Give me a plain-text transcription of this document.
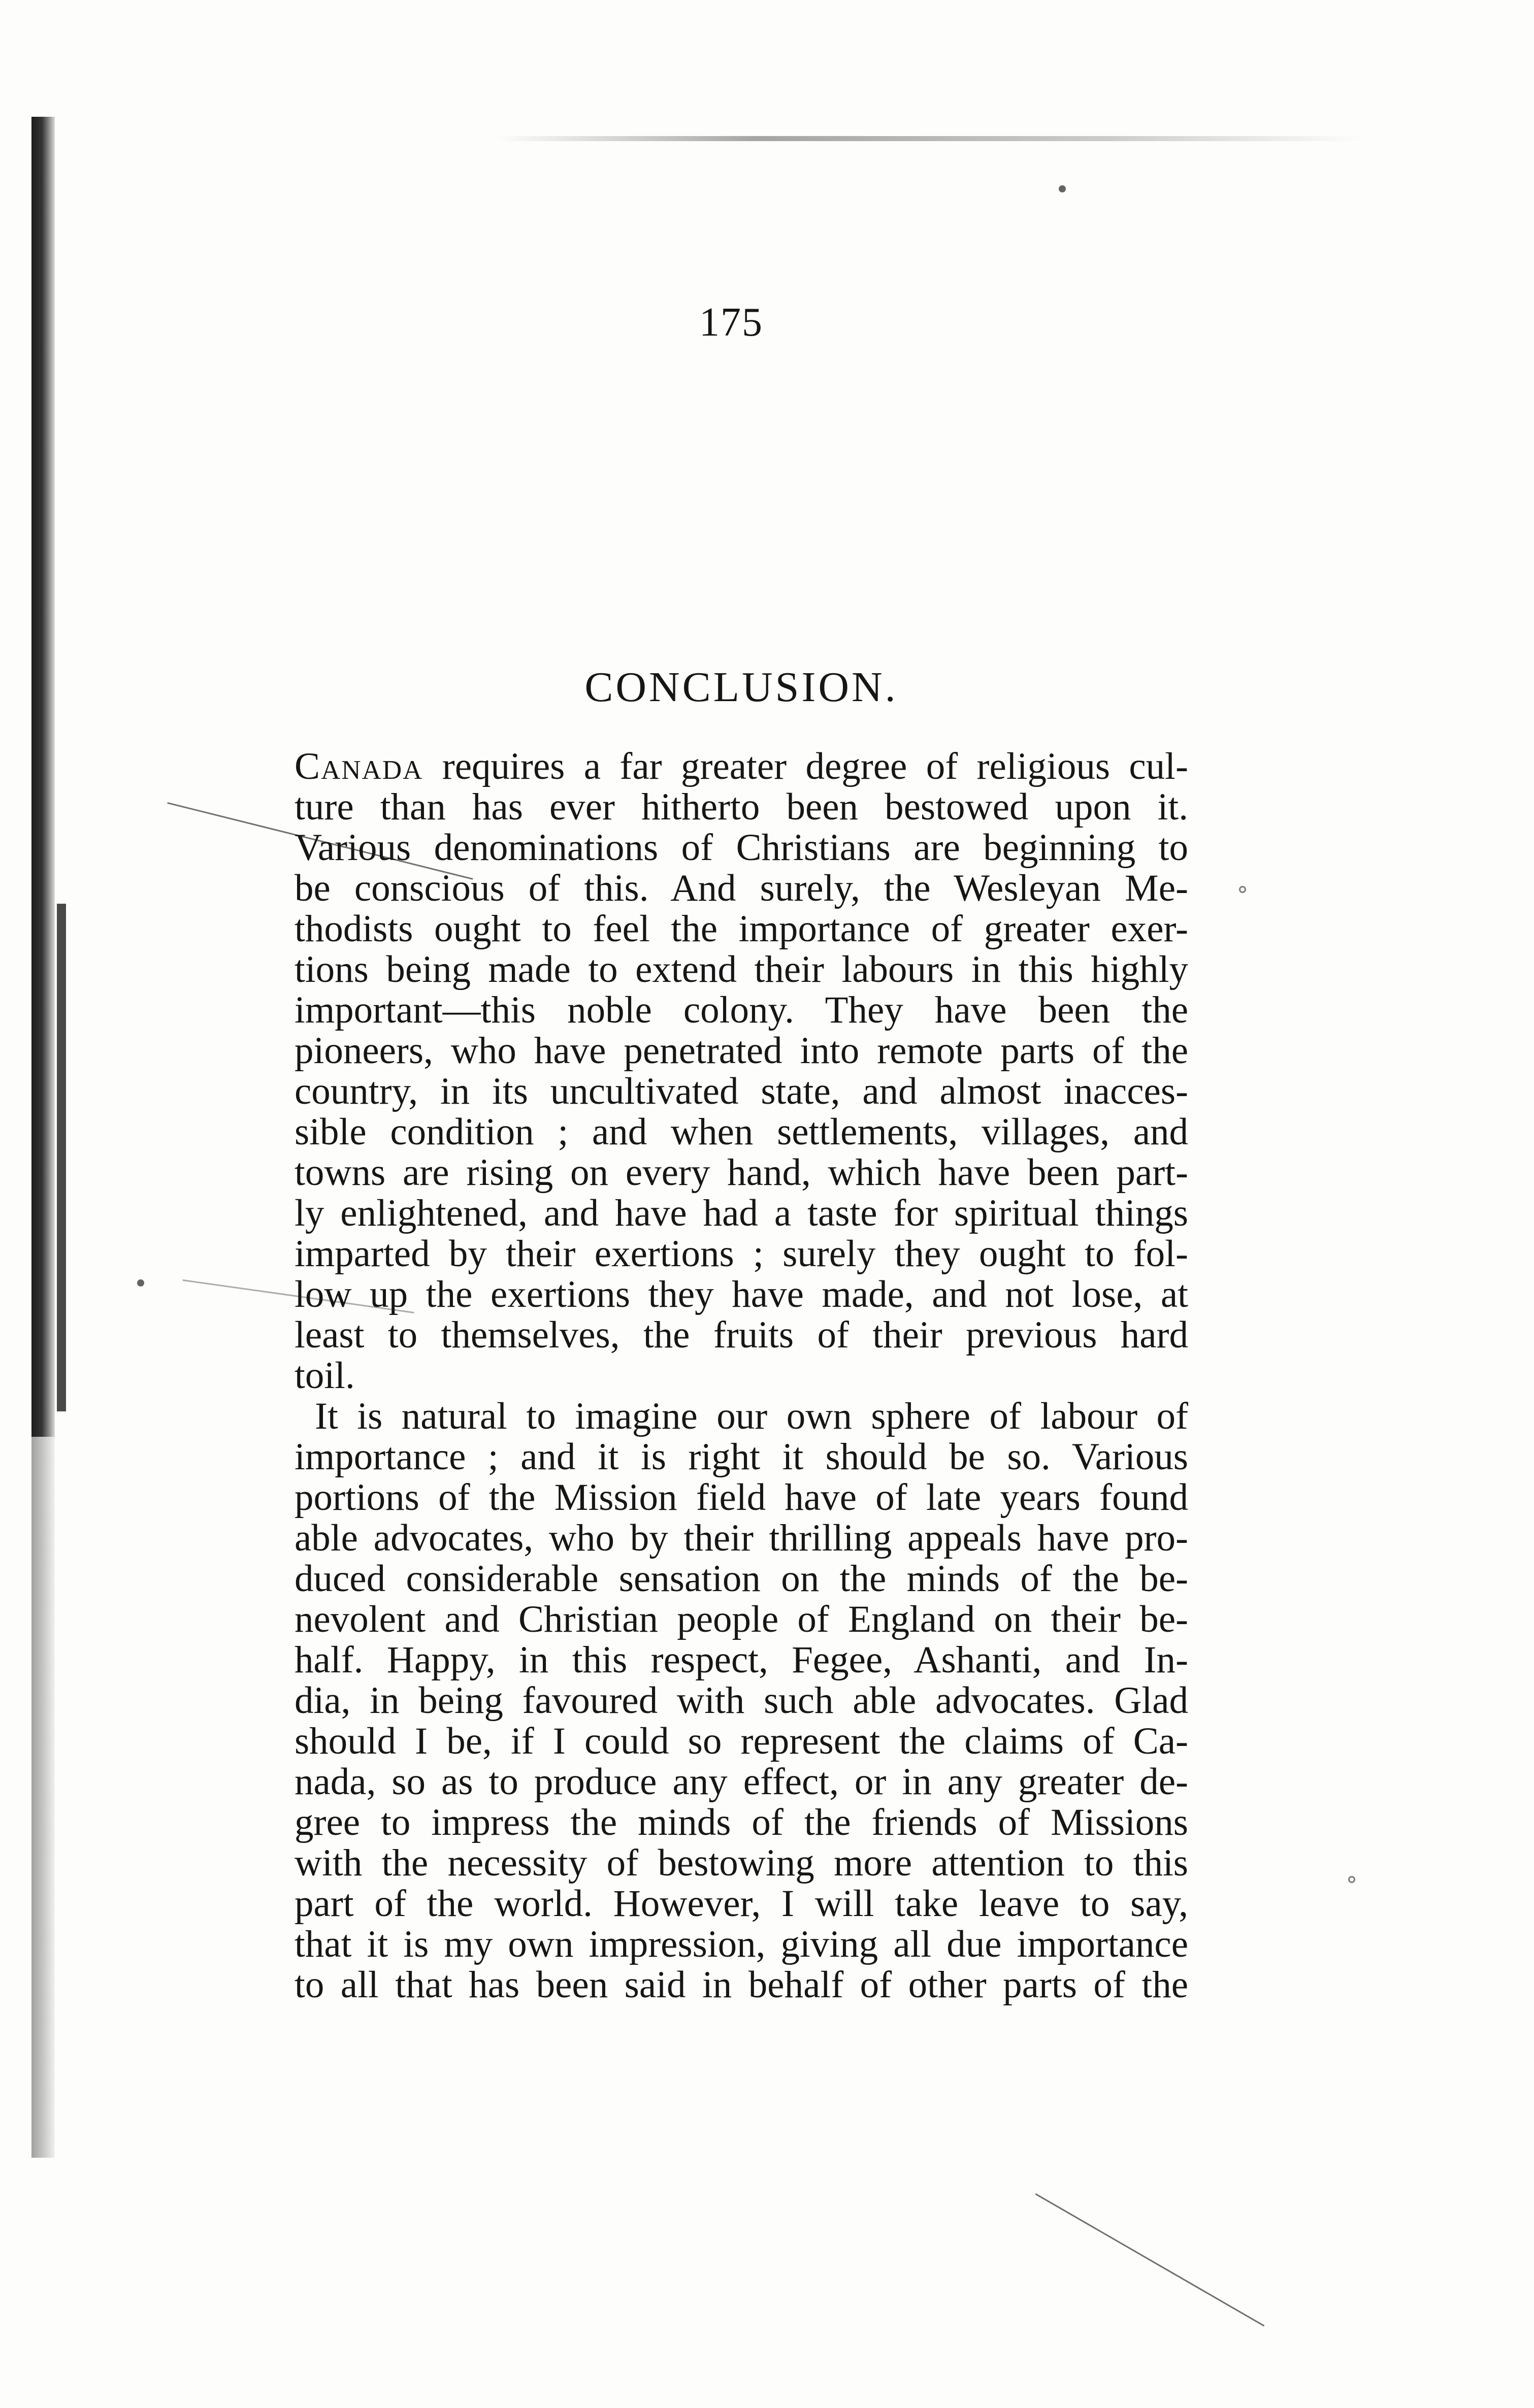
175
CONCLUSION.
Canada requires a far greater degree of religious cul-
ture than has ever hitherto been bestowed upon it.
Various denominations of Christians are beginning to
be conscious of this. And surely, the Wesleyan Me-
thodists ought to feel the importance of greater exer-
tions being made to extend their labours in this highly
important—this noble colony. They have been the
pioneers, who have penetrated into remote parts of the
country, in its uncultivated state, and almost inacces-
sible condition ; and when settlements, villages, and
towns are rising on every hand, which have been part-
ly enlightened, and have had a taste for spiritual things
imparted by their exertions ; surely they ought to fol-
low up the exertions they have made, and not lose, at
least to themselves, the fruits of their previous hard
toil.
It is natural to imagine our own sphere of labour of
importance ; and it is right it should be so. Various
portions of the Mission field have of late years found
able advocates, who by their thrilling appeals have pro-
duced considerable sensation on the minds of the be-
nevolent and Christian people of England on their be-
half. Happy, in this respect, Fegee, Ashanti, and In-
dia, in being favoured with such able advocates. Glad
should I be, if I could so represent the claims of Ca-
nada, so as to produce any effect, or in any greater de-
gree to impress the minds of the friends of Missions
with the necessity of bestowing more attention to this
part of the world. However, I will take leave to say,
that it is my own impression, giving all due importance
to all that has been said in behalf of other parts of the
